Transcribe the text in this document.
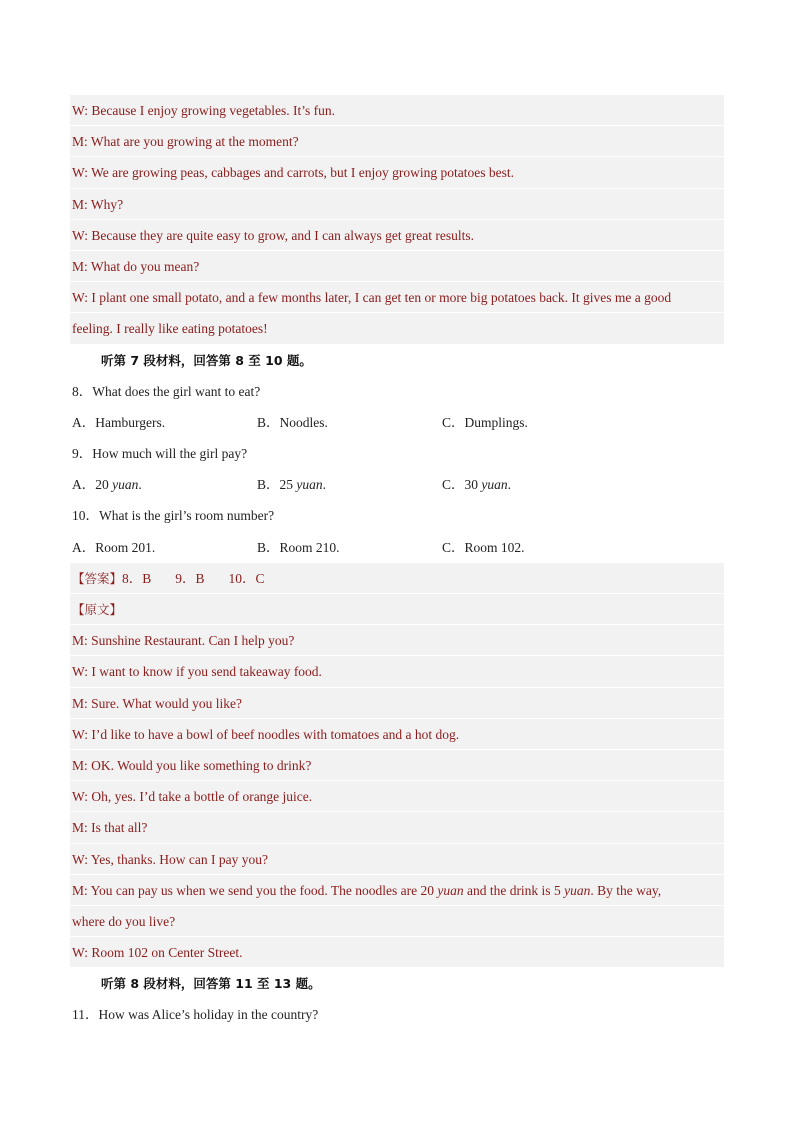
W: Because I enjoy growing vegetables. It’s fun.
M: What are you growing at the moment?
W: We are growing peas, cabbages and carrots, but I enjoy growing potatoes best.
M: Why?
W: Because they are quite easy to grow, and I can always get great results.
M: What do you mean?
W: I plant one small potato, and a few months later, I can get ten or more big potatoes back. It gives me a good
feeling. I really like eating potatoes!
听第 7 段材料，回答第 8 至 10 题。
8．What does the girl want to eat?
A．Hamburgers.	B．Noodles.	C．Dumplings.
9．How much will the girl pay?
A．20 yuan.	B．25 yuan.	C．30 yuan.
10．What is the girl’s room number?
A．Room 201.	B．Room 210.	C．Room 102.
【答案】8．B 9．B 10．C
【原文】
M: Sunshine Restaurant. Can I help you?
W: I want to know if you send takeaway food.
M: Sure. What would you like?
W: I’d like to have a bowl of beef noodles with tomatoes and a hot dog.
M: OK. Would you like something to drink?
W: Oh, yes. I’d take a bottle of orange juice.
M: Is that all?
W: Yes, thanks. How can I pay you?
M: You can pay us when we send you the food. The noodles are 20 yuan and the drink is 5 yuan. By the way,
where do you live?
W: Room 102 on Center Street.
听第 8 段材料，回答第 11 至 13 题。
11．How was Alice’s holiday in the country?
